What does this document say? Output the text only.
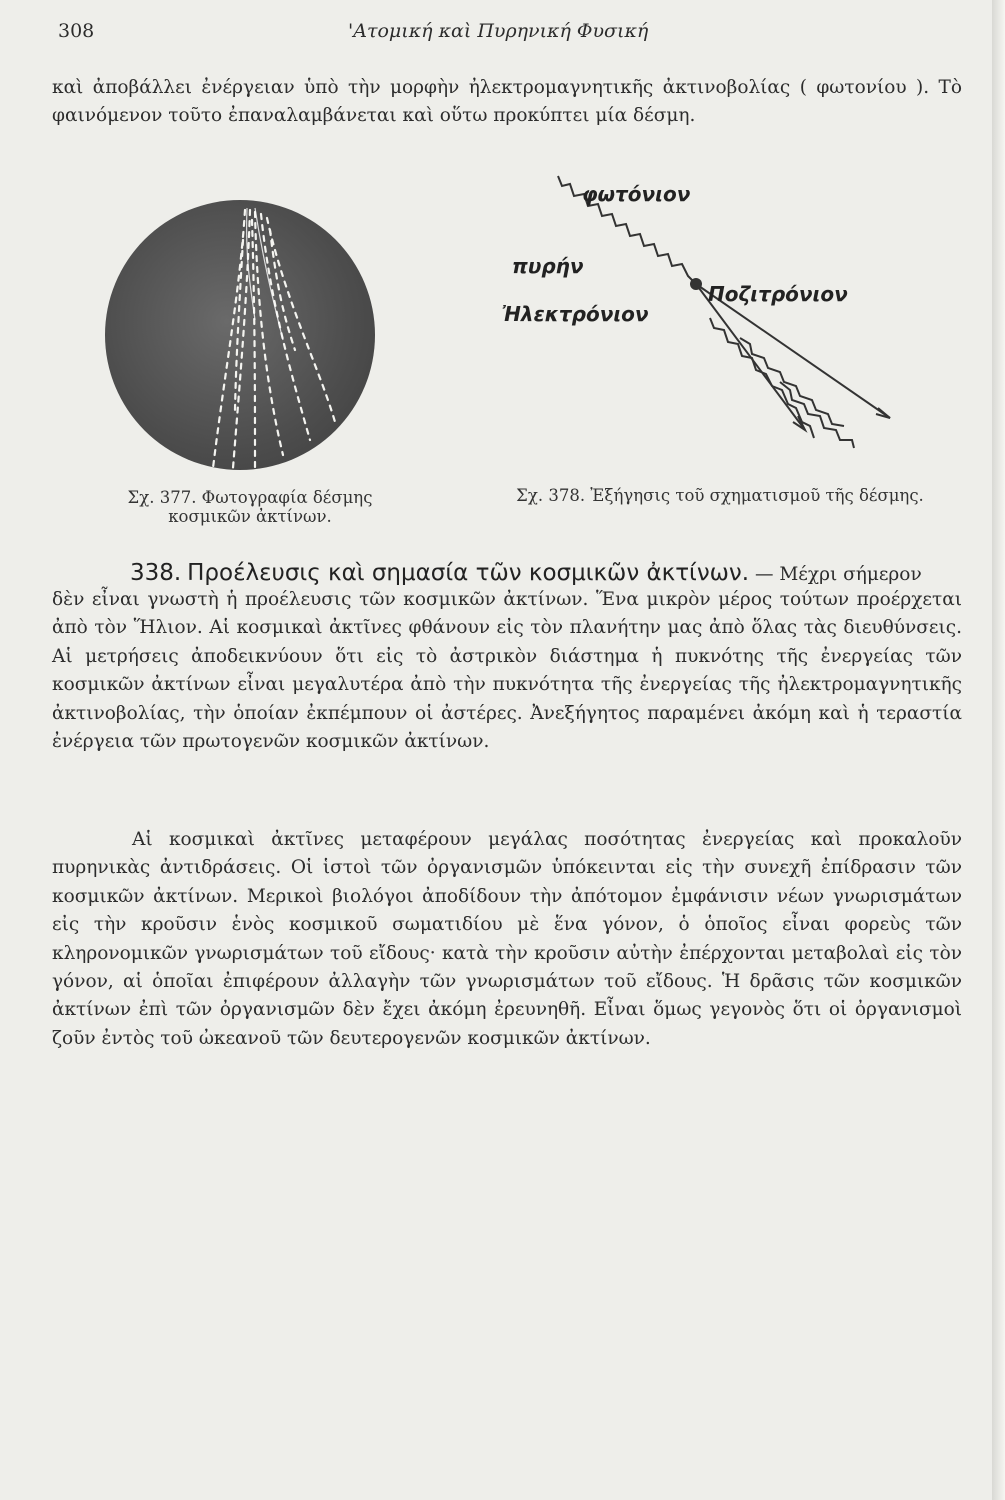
308	'Ατομική καὶ Πυρηνική Φυσική
καὶ ἀποβάλλει ἐνέργειαν ὑπὸ τὴν μορφὴν ἠλεκτρομαγνητικῆς ἀκτινοβολίας ( φωτονίου ). Τὸ φαινόμενον τοῦτο ἐπαναλαμβάνεται καὶ οὕτω προκύπτει μία δέσμη.
Σχ. 377. Φωτογραφία δέσμης κοσμικῶν ἀκτίνων.
φωτόνιον
πυρήν
Ἠλεκτρόνιον
Ποζιτρόνιον
Σχ. 378. Ἐξήγησις τοῦ σχηματισμοῦ τῆς δέσμης.
338. Προέλευσις καὶ σημασία τῶν κοσμικῶν ἀκτίνων. — Μέχρι σήμερον
δὲν εἶναι γνωστὴ ἡ προέλευσις τῶν κοσμικῶν ἀκτίνων. Ἕνα μικρὸν μέρος τούτων προέρχεται ἀπὸ τὸν Ἥλιον. Αἱ κοσμικαὶ ἀκτῖνες φθάνουν εἰς τὸν πλανήτην μας ἀπὸ ὅλας τὰς διευθύνσεις. Αἱ μετρήσεις ἀποδεικνύουν ὅτι εἰς τὸ ἀστρικὸν διάστημα ἡ πυκνότης τῆς ἐνεργείας τῶν κοσμικῶν ἀκτίνων εἶναι μεγαλυτέρα ἀπὸ τὴν πυκνότητα τῆς ἐνεργείας τῆς ἠλεκτρομαγνητικῆς ἀκτινοβολίας, τὴν ὁποίαν ἐκπέμπουν οἱ ἀστέρες. Ἀνεξήγητος παραμένει ἀκόμη καὶ ἡ τεραστία ἐνέργεια τῶν πρωτογενῶν κοσμικῶν ἀκτίνων.
Αἱ κοσμικαὶ ἀκτῖνες μεταφέρουν μεγάλας ποσότητας ἐνεργείας καὶ προκαλοῦν πυρηνικὰς ἀντιδράσεις. Οἱ ἱστοὶ τῶν ὀργανισμῶν ὑπόκεινται εἰς τὴν συνεχῆ ἐπίδρασιν τῶν κοσμικῶν ἀκτίνων. Μερικοὶ βιολόγοι ἀποδίδουν τὴν ἀπότομον ἐμφάνισιν νέων γνωρισμάτων εἰς τὴν κροῦσιν ἑνὸς κοσμικοῦ σωματιδίου μὲ ἕνα γόνον, ὁ ὁποῖος εἶναι φορεὺς τῶν κληρονομικῶν γνωρισμάτων τοῦ εἴδους· κατὰ τὴν κροῦσιν αὐτὴν ἐπέρχονται μεταβολαὶ εἰς τὸν γόνον, αἱ ὁποῖαι ἐπιφέρουν ἀλλαγὴν τῶν γνωρισμάτων τοῦ εἴδους. Ἡ δρᾶσις τῶν κοσμικῶν ἀκτίνων ἐπὶ τῶν ὀργανισμῶν δὲν ἔχει ἀκόμη ἐρευνηθῆ. Εἶναι ὅμως γεγονὸς ὅτι οἱ ὀργανισμοὶ ζοῦν ἐντὸς τοῦ ὠκεανοῦ τῶν δευτερογενῶν κοσμικῶν ἀκτίνων.
